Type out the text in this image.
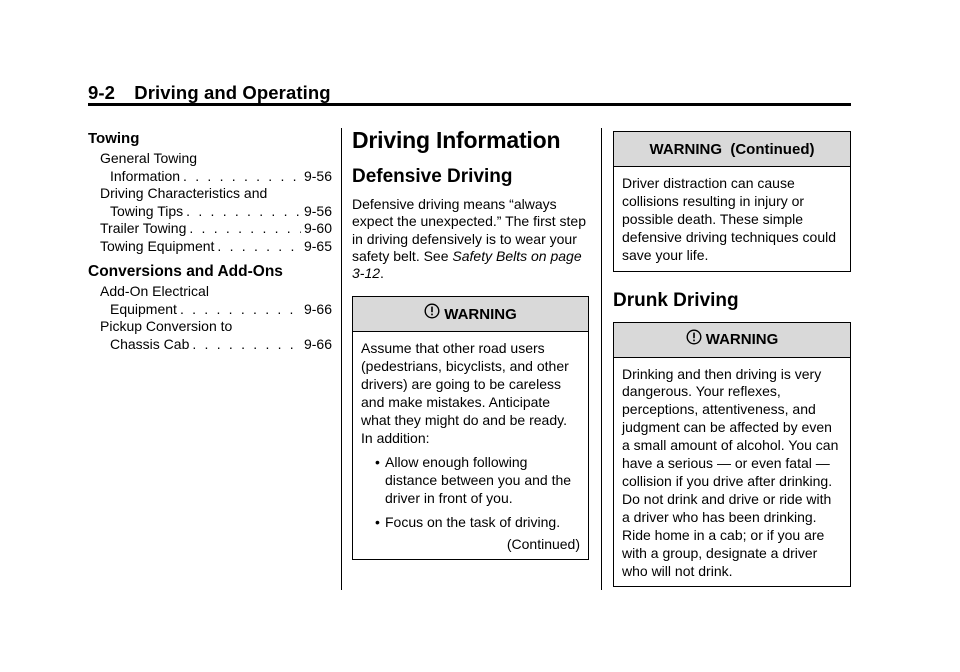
9-2 Driving and Operating
Towing
General Towing
Information . . .	9-56
Driving Characteristics and
Towing Tips . . .	9-56
Trailer Towing . . .	9-60
Towing Equipment . . .	9-65
Conversions and Add-Ons
Add-On Electrical
Equipment . . .	9-66
Pickup Conversion to
Chassis Cab . . .	9-66
Driving Information
Defensive Driving
Defensive driving means “always expect the unexpected.” The first step in driving defensively is to wear your safety belt. See Safety Belts on page 3-12.
WARNING
Assume that other road users (pedestrians, bicyclists, and other drivers) are going to be careless and make mistakes. Anticipate what they might do and be ready. In addition:
• Allow enough following distance between you and the driver in front of you.
• Focus on the task of driving.
(Continued)
WARNING  (Continued)
Driver distraction can cause collisions resulting in injury or possible death. These simple defensive driving techniques could save your life.
Drunk Driving
WARNING
Drinking and then driving is very dangerous. Your reflexes, perceptions, attentiveness, and judgment can be affected by even a small amount of alcohol. You can have a serious — or even fatal — collision if you drive after drinking. Do not drink and drive or ride with a driver who has been drinking. Ride home in a cab; or if you are with a group, designate a driver who will not drink.
